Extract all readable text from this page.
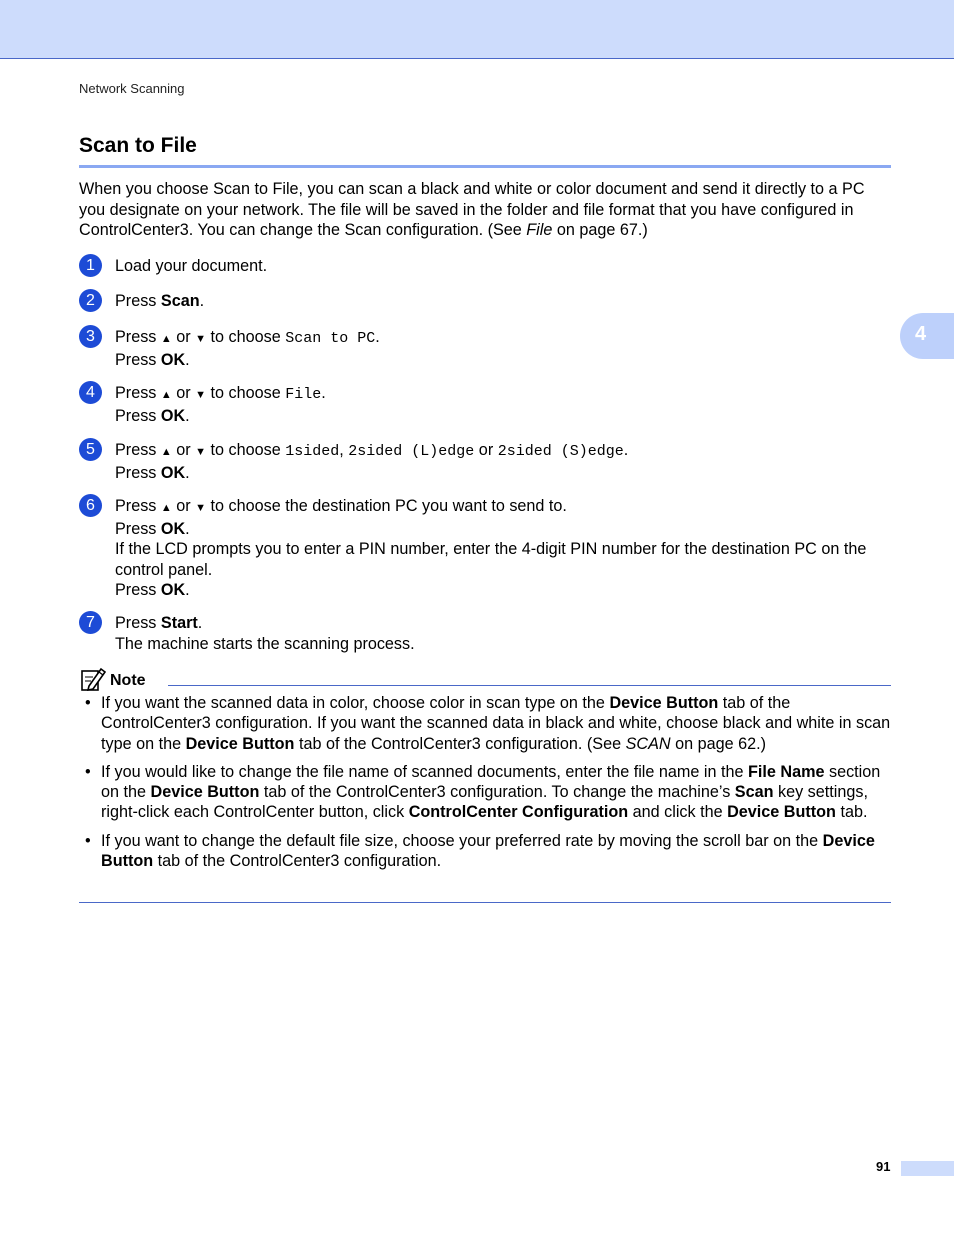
Network Scanning
4
Scan to File

When you choose Scan to File, you can scan a black and white or color document and send it directly to a PC you designate on your network. The file will be saved in the folder and file format that you have configured in ControlCenter3. You can change the Scan configuration. (See File on page 67.)

1	Load your document.

2	Press Scan.

3	Press ▲ or ▼ to choose Scan to PC.

Press OK.

4	Press ▲ or ▼ to choose File.

Press OK.

5	Press ▲ or ▼ to choose 1sided, 2sided (L)edge or 2sided (S)edge.

Press OK.

6	Press ▲ or ▼ to choose the destination PC you want to send to.

Press OK.

If the LCD prompts you to enter a PIN number, enter the 4-digit PIN number for the destination PC on the control panel.

Press OK.

7	Press Start.

The machine starts the scanning process.

Note
• If you want the scanned data in color, choose color in scan type on the Device Button tab of the ControlCenter3 configuration. If you want the scanned data in black and white, choose black and white in scan type on the Device Button tab of the ControlCenter3 configuration. (See SCAN on page 62.)
• If you would like to change the file name of scanned documents, enter the file name in the File Name section on the Device Button tab of the ControlCenter3 configuration. To change the machine’s Scan key settings, right-click each ControlCenter button, click ControlCenter Configuration and click the Device Button tab.
• If you want to change the default file size, choose your preferred rate by moving the scroll bar on the Device Button tab of the ControlCenter3 configuration.
91
